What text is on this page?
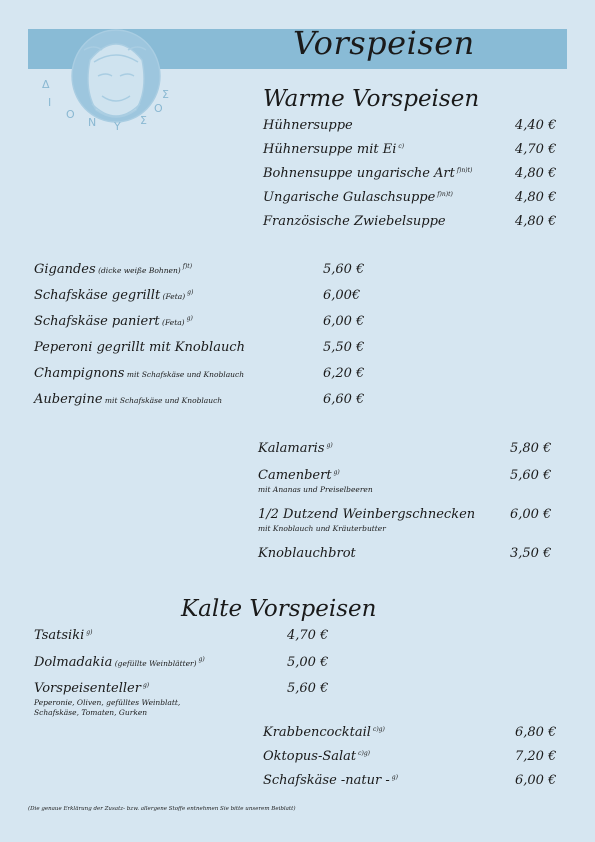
Δ
Ι
Ο
Ν Υ Σ
Ο
Σ
Vorspeisen
Warme Vorspeisen
Hühnersuppe	4,40 €
Hühnersuppe mit Ei $^{c)}$	4,70 €
Bohnensuppe ungarische Art $^{f)n)t)}$	4,80 €
Ungarische Gulaschsuppe $^{f)n)t)}$	4,80 €
Französische Zwiebelsuppe	4,80 €
Gigandes (dicke weiße Bohnen) $^{f)t)}$	5,60 €
Schafskäse gegrillt (Feta) $^{g)}$	6,00€
Schafskäse paniert (Feta) $^{g)}$	6,00 €
Peperoni gegrillt mit Knoblauch	5,50 €
Champignons mit Schafskäse und Knoblauch	6,20 €
Aubergine mit Schafskäse und Knoblauch	6,60 €
Kalamaris $^{g)}$	5,80 €
Camenbert $^{g)}$	5,60 €
mit Ananas und Preiselbeeren
1/2 Dutzend Weinbergschnecken	6,00 €
mit Knoblauch und Kräuterbutter
Knoblauchbrot	3,50 €
Kalte Vorspeisen
Tsatsiki $^{g)}$	4,70 €
Dolmadakia (gefüllte Weinblätter) $^{g)}$	5,00 €
Vorspeisenteller $^{g)}$	5,60 €
Peperonie, Oliven, gefülltes Weinblatt,
Schafskäse, Tomaten, Gurken
Krabbencocktail $^{c)g)}$	6,80 €
Oktopus-Salat $^{c)g)}$	7,20 €
Schafskäse -natur - $^{g)}$	6,00 €
(Die genaue Erklärung der Zusatz- bzw. allergene Stoffe entnehmen Sie bitte unserem Beiblatt)
